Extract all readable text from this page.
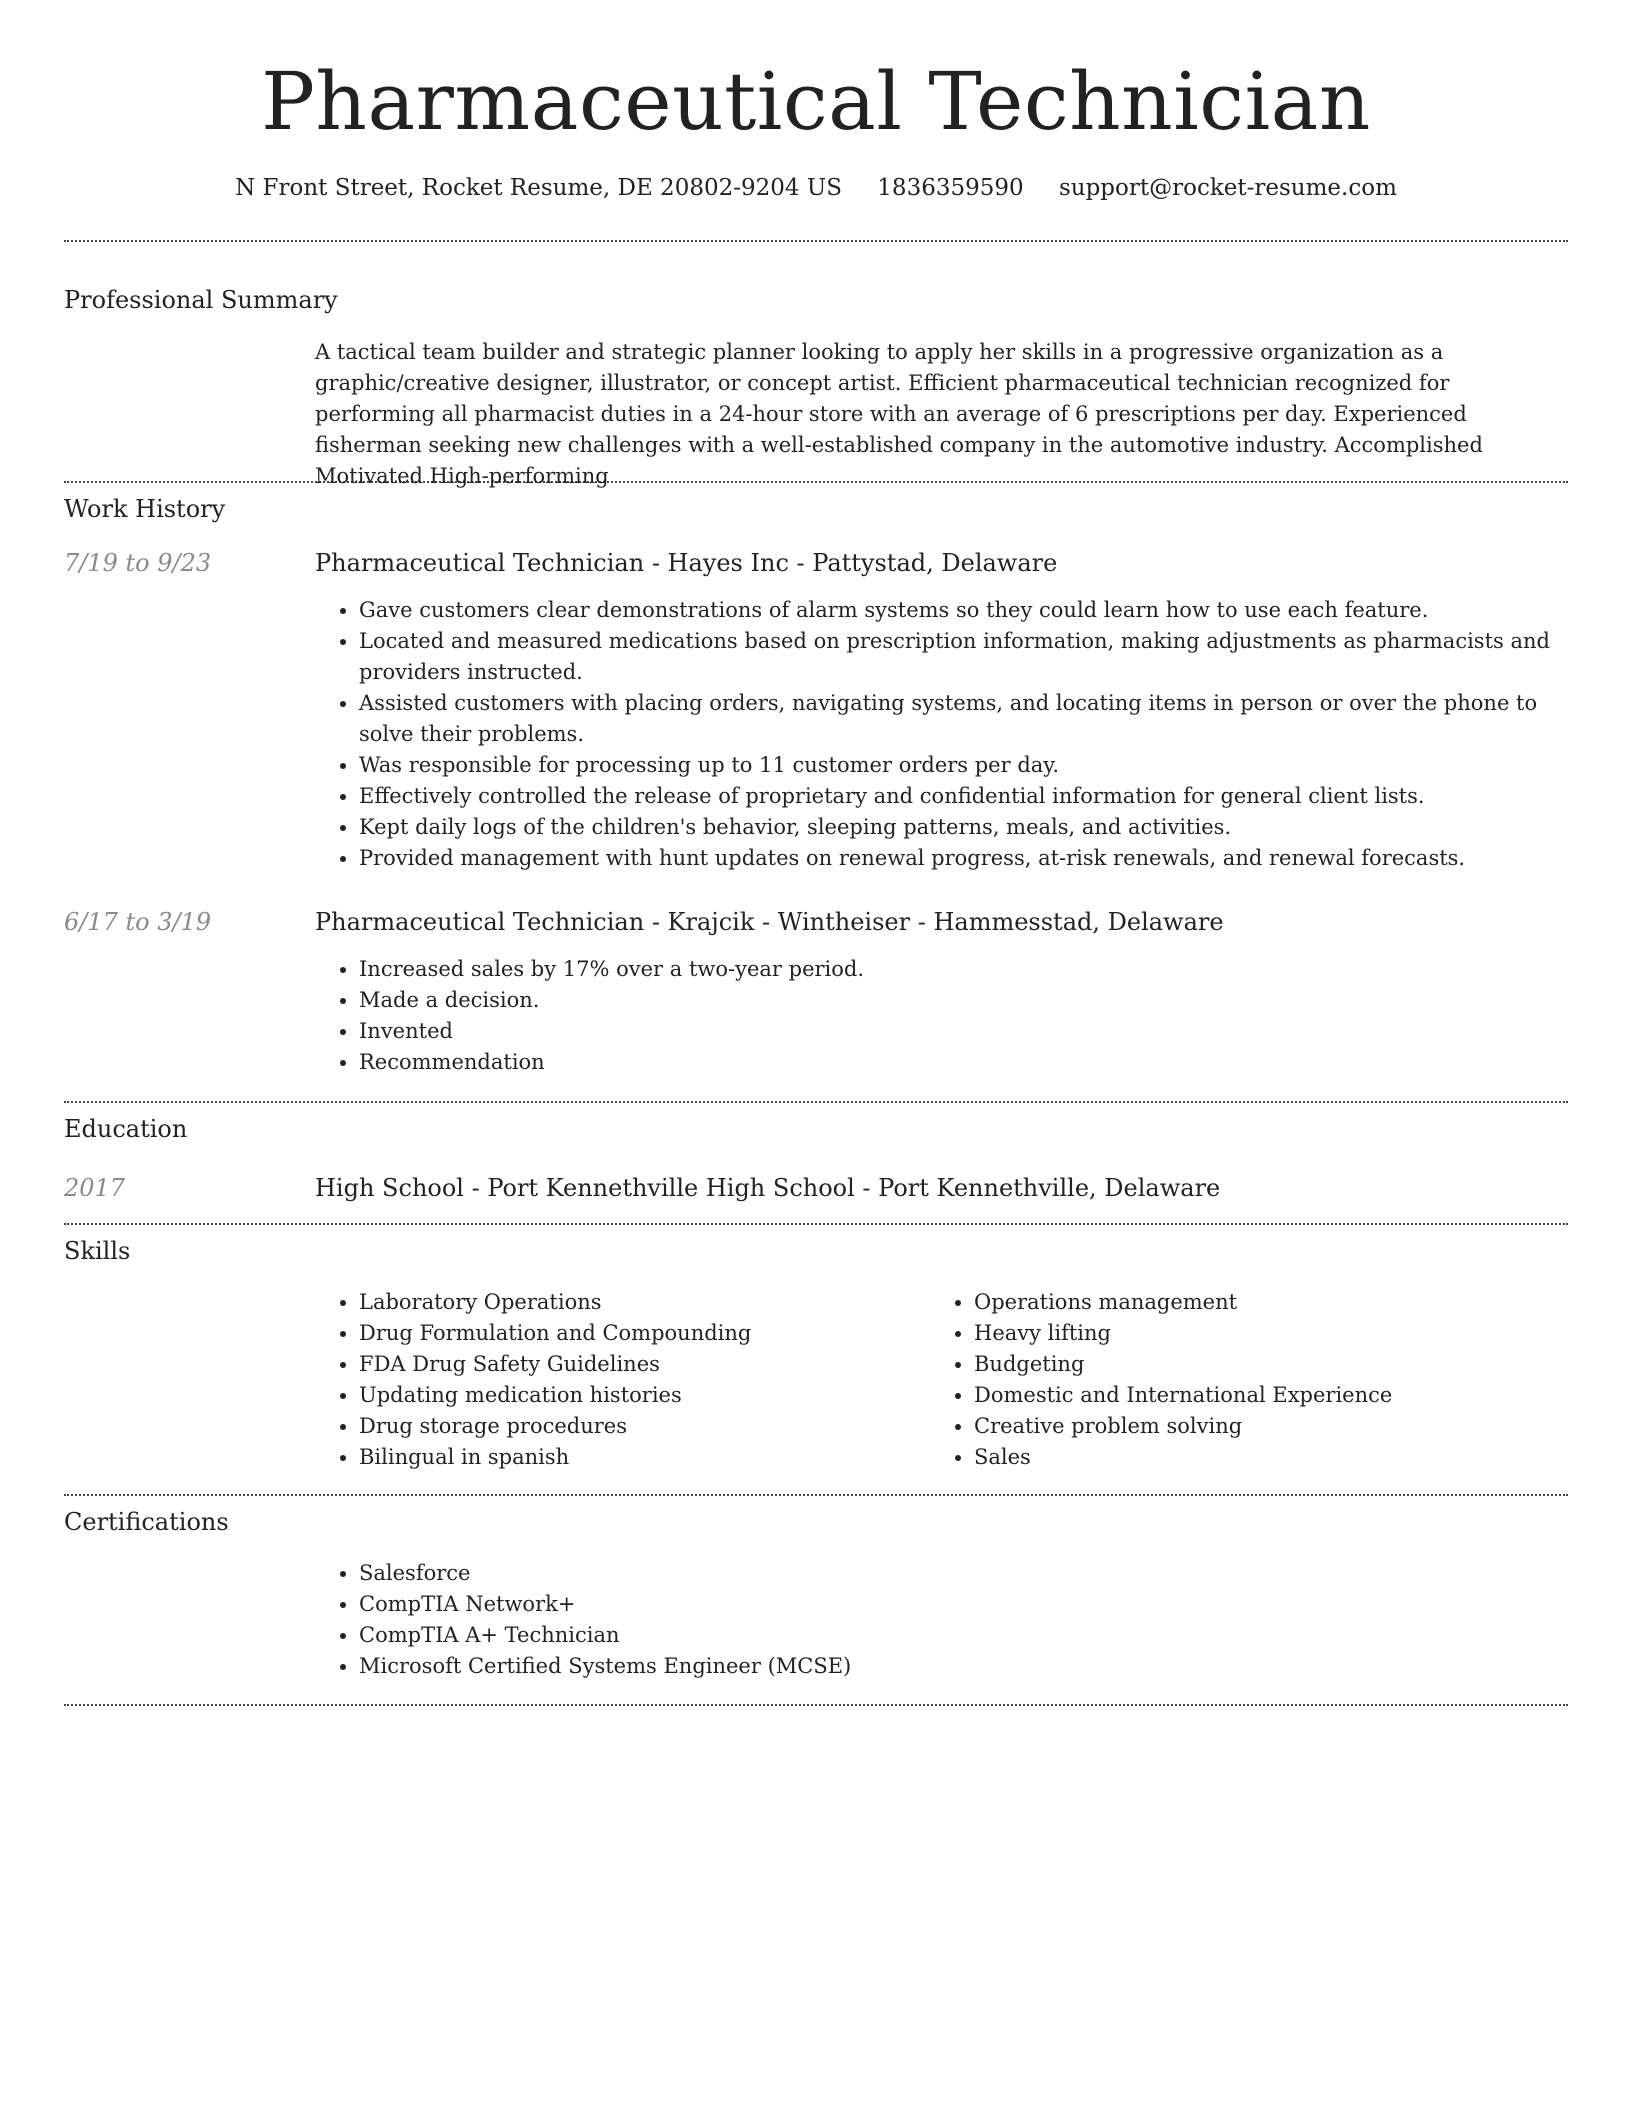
Pharmaceutical Technician
N Front Street, Rocket Resume, DE 20802-9204 US 1836359590 support@rocket-resume.com
Professional Summary

A tactical team builder and strategic planner looking to apply her skills in a progressive organization as a graphic/creative designer, illustrator, or concept artist. Efficient pharmaceutical technician recognized for performing all pharmacist duties in a 24-hour store with an average of 6 prescriptions per day. Experienced fisherman seeking new challenges with a well-established company in the automotive industry. Accomplished Motivated High-performing

Work History
7/19 to 9/23	Pharmaceutical Technician - Hayes Inc - Pattystad, Delaware
• Gave customers clear demonstrations of alarm systems so they could learn how to use each feature.
• Located and measured medications based on prescription information, making adjustments as pharmacists and providers instructed.
• Assisted customers with placing orders, navigating systems, and locating items in person or over the phone to solve their problems.
• Was responsible for processing up to 11 customer orders per day.
• Effectively controlled the release of proprietary and confidential information for general client lists.
• Kept daily logs of the children's behavior, sleeping patterns, meals, and activities.
• Provided management with hunt updates on renewal progress, at-risk renewals, and renewal forecasts.
6/17 to 3/19	Pharmaceutical Technician - Krajcik - Wintheiser - Hammesstad, Delaware
• Increased sales by 17% over a two-year period.
• Made a decision.
• Invented
• Recommendation
Education
2017	High School - Port Kennethville High School - Port Kennethville, Delaware
Skills
• Laboratory Operations
• Drug Formulation and Compounding
• FDA Drug Safety Guidelines
• Updating medication histories
• Drug storage procedures
• Bilingual in spanish
• Operations management
• Heavy lifting
• Budgeting
• Domestic and International Experience
• Creative problem solving
• Sales
Certifications
• Salesforce
• CompTIA Network+
• CompTIA A+ Technician
• Microsoft Certified Systems Engineer (MCSE)
